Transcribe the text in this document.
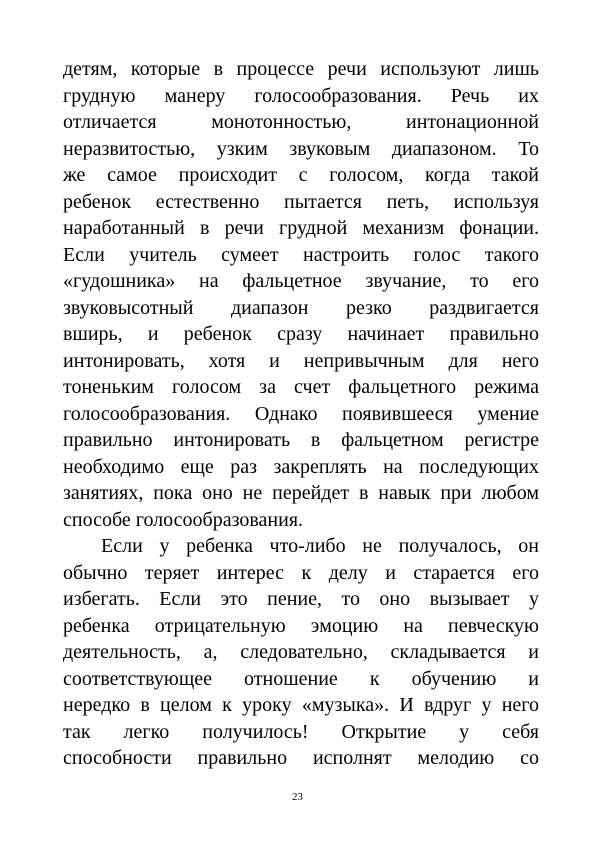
детям, которые в процессе речи используют лишь
грудную манеру голосообразования. Речь их
отличается монотонностью, интонационной
неразвитостью, узким звуковым диапазоном. То
же самое происходит с голосом, когда такой
ребенок естественно пытается петь, используя
наработанный в речи грудной механизм фонации.
Если учитель сумеет настроить голос такого
«гудошника» на фальцетное звучание, то его
звуковысотный диапазон резко раздвигается
вширь, и ребенок сразу начинает правильно
интонировать, хотя и непривычным для него
тоненьким голосом за счет фальцетного режима
голосообразования. Однако появившееся умение
правильно интонировать в фальцетном регистре
необходимо еще раз закреплять на последующих
занятиях, пока оно не перейдет в навык при любом
способе голосообразования.
Если у ребенка что-либо не получалось, он
обычно теряет интерес к делу и старается его
избегать. Если это пение, то оно вызывает у
ребенка отрицательную эмоцию на певческую
деятельность, а, следовательно, складывается и
соответствующее отношение к обучению и
нередко в целом к уроку «музыка». И вдруг у него
так легко получилось! Открытие у себя
способности правильно исполнят мелодию со
23
